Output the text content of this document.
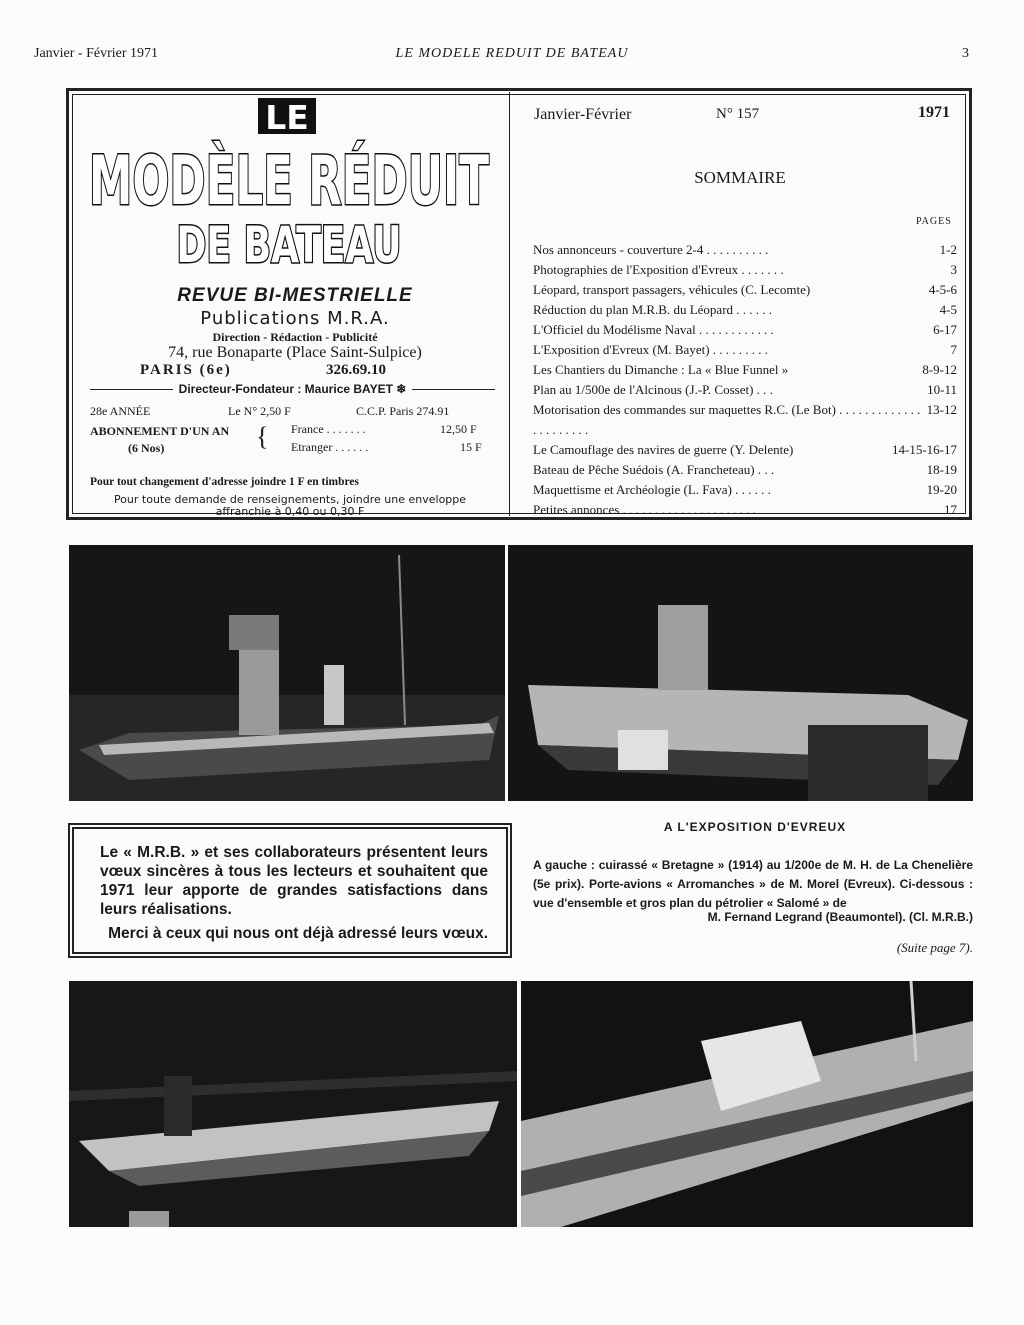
Janvier - Février 1971	LE MODELE REDUIT DE BATEAU	3
LE
MODÈLE RÉDUIT
DE BATEAU
REVUE BI-MESTRIELLE
Publications M.R.A.
Direction - Rédaction - Publicité
74, rue Bonaparte (Place Saint-Sulpice)
PARIS (6e)	326.69.10
Directeur-Fondateur : Maurice BAYET ❄
28e ANNÉE	Le N° 2,50 F	C.C.P. Paris 274.91
ABONNEMENT D'UN AN
(6 Nos)	{ France . . . . . . .	12,50 F
Etranger . . . . . .	15 F
Pour tout changement d'adresse joindre 1 F en timbres
Pour toute demande de renseignements, joindre une enveloppe affranchie à 0,40 ou 0,30 F
Janvier-Février	N° 157	1971
SOMMAIRE
PAGES
Nos annonceurs - couverture 2-4 . . . . . . . . . .	1-2
Photographies de l'Exposition d'Evreux . . . . . . .	3
Léopard, transport passagers, véhicules (C. Lecomte)	4-5-6
Réduction du plan M.R.B. du Léopard . . . . . .	4-5
L'Officiel du Modélisme Naval . . . . . . . . . . . .	6-17
L'Exposition d'Evreux (M. Bayet) . . . . . . . . .	7
Les Chantiers du Dimanche : La « Blue Funnel »	8-9-12
Plan au 1/500e de l'Alcinous (J.-P. Cosset) . . .	10-11
Motorisation des commandes sur maquettes R.C. (Le Bot) . . . . . . . . . . . . . . . . . . . . . .
13-12
Le Camouflage des navires de guerre (Y. Delente)	14-15-16-17
Bateau de Pêche Suédois (A. Francheteau) . . .	18-19
Maquettisme et Archéologie (L. Fava) . . . . . .	19-20
Petites annonces . . . . . . . . . . . . . . . . . . . . .	17
Le « M.R.B. » et ses collaborateurs présentent leurs vœux sincères à tous les lecteurs et souhaitent que 1971 leur apporte de grandes satisfactions dans leurs réalisations.
Merci à ceux qui nous ont déjà adressé leurs vœux.
A L'EXPOSITION D'EVREUX
A gauche : cuirassé « Bretagne » (1914) au 1/200e de M. H. de La Chenelière (5e prix). Porte-avions « Arromanches » de M. Morel (Evreux). Ci-dessous : vue d'ensemble et gros plan du pétrolier « Salomé » de
M. Fernand Legrand (Beaumontel). (Cl. M.R.B.)
(Suite page 7).
